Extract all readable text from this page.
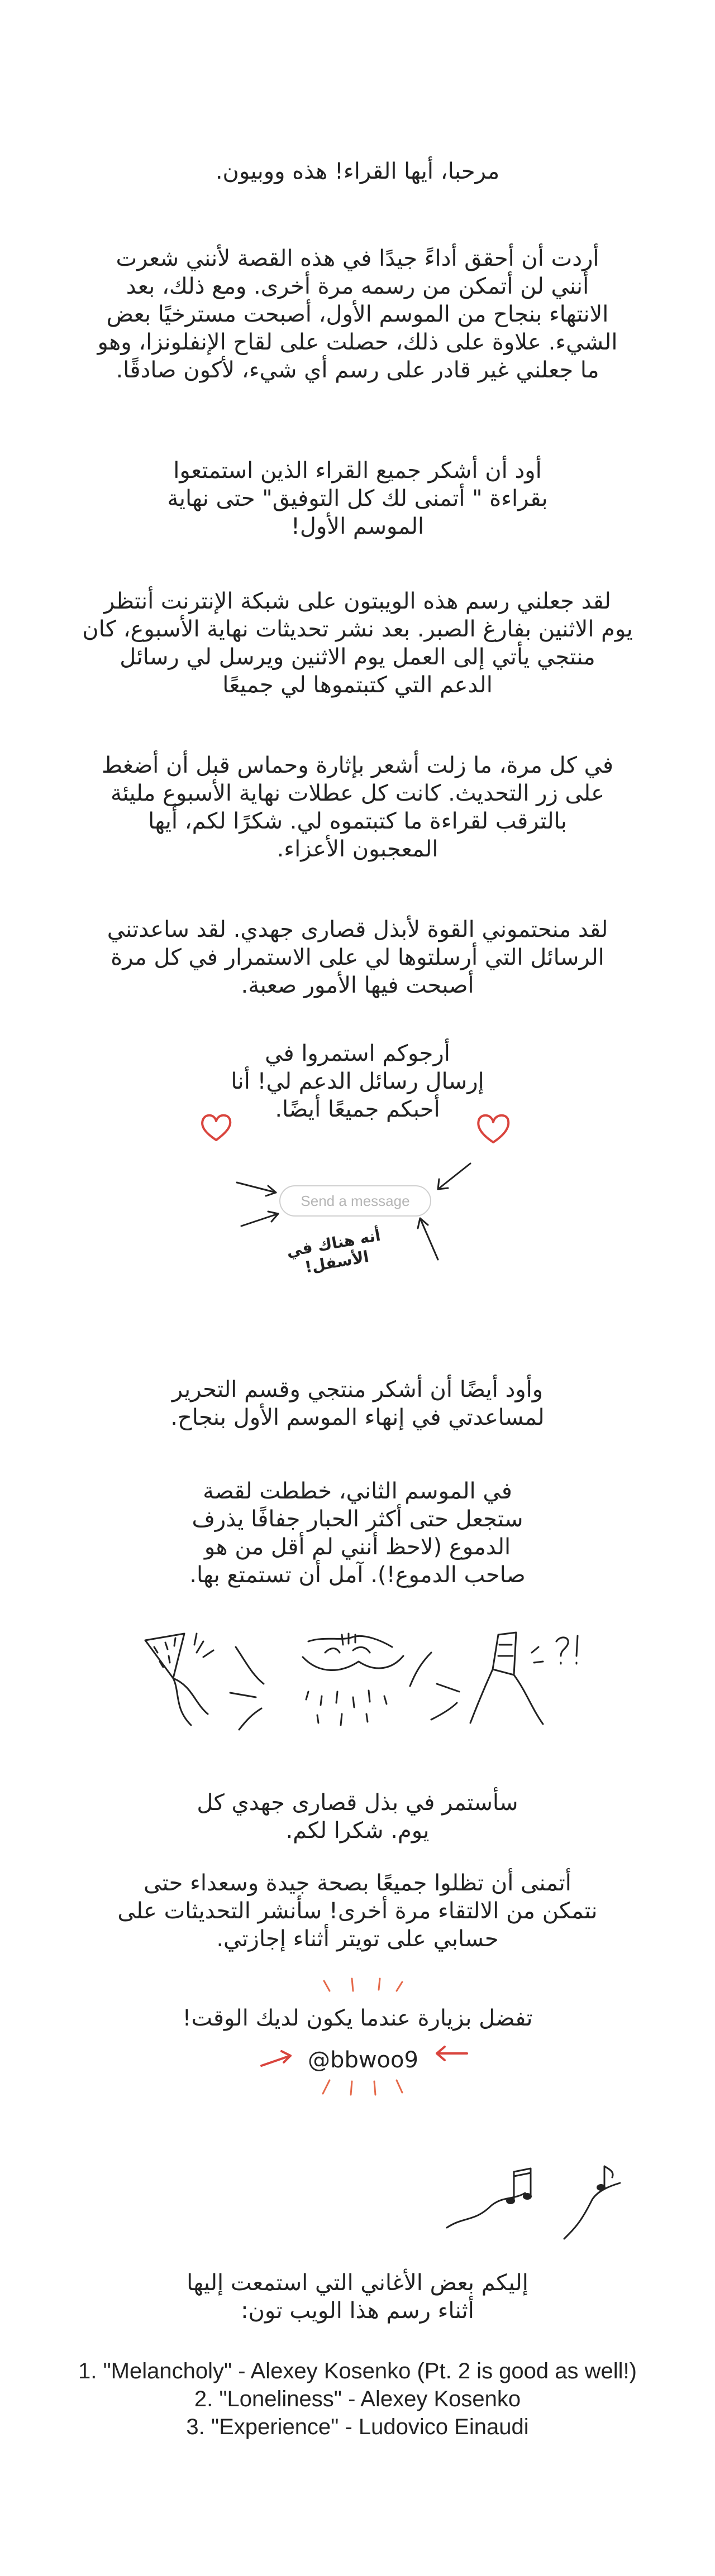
مرحبا، أيها القراء! هذه ووبيون.

أردت أن أحقق أداءً جيدًا في هذه القصة لأنني شعرت
أنني لن أتمكن من رسمه مرة أخرى. ومع ذلك، بعد
الانتهاء بنجاح من الموسم الأول، أصبحت مسترخيًا بعض
الشيء. علاوة على ذلك، حصلت على لقاح الإنفلونزا، وهو
ما جعلني غير قادر على رسم أي شيء، لأكون صادقًا.

أود أن أشكر جميع القراء الذين استمتعوا
بقراءة " أتمنى لك كل التوفيق" حتى نهاية
الموسم الأول!

لقد جعلني رسم هذه الويبتون على شبكة الإنترنت أنتظر
يوم الاثنين بفارغ الصبر. بعد نشر تحديثات نهاية الأسبوع، كان
منتجي يأتي إلى العمل يوم الاثنين ويرسل لي رسائل
الدعم التي كتبتموها لي جميعًا

في كل مرة، ما زلت أشعر بإثارة وحماس قبل أن أضغط
على زر التحديث. كانت كل عطلات نهاية الأسبوع مليئة
بالترقب لقراءة ما كتبتموه لي. شكرًا لكم، أيها
المعجبون الأعزاء.

لقد منحتموني القوة لأبذل قصارى جهدي. لقد ساعدتني
الرسائل التي أرسلتوها لي على الاستمرار في كل مرة
أصبحت فيها الأمور صعبة.

أرجوكم استمروا في
إرسال رسائل الدعم لي! أنا
أحبكم جميعًا أيضًا.

Send a message
أنه هناك في
الأسفل!

وأود أيضًا أن أشكر منتجي وقسم التحرير
لمساعدتي في إنهاء الموسم الأول بنجاح.

في الموسم الثاني، خططت لقصة
ستجعل حتى أكثر الحبار جفافًا يذرف
الدموع (لاحظ أنني لم أقل من هو
صاحب الدموع!). آمل أن تستمتع بها.

سأستمر في بذل قصارى جهدي كل
يوم. شكرا لكم.

أتمنى أن تظلوا جميعًا بصحة جيدة وسعداء حتى
نتمكن من الالتقاء مرة أخرى! سأنشر التحديثات على
حسابي على تويتر أثناء إجازتي.

تفضل بزيارة عندما يكون لديك الوقت!

@bbwoo9

إليكم بعض الأغاني التي استمعت إليها
أثناء رسم هذا الويب تون:

1. "Melancholy" - Alexey Kosenko (Pt. 2 is good as well!)
2. "Loneliness" - Alexey Kosenko
3. "Experience" - Ludovico Einaudi
